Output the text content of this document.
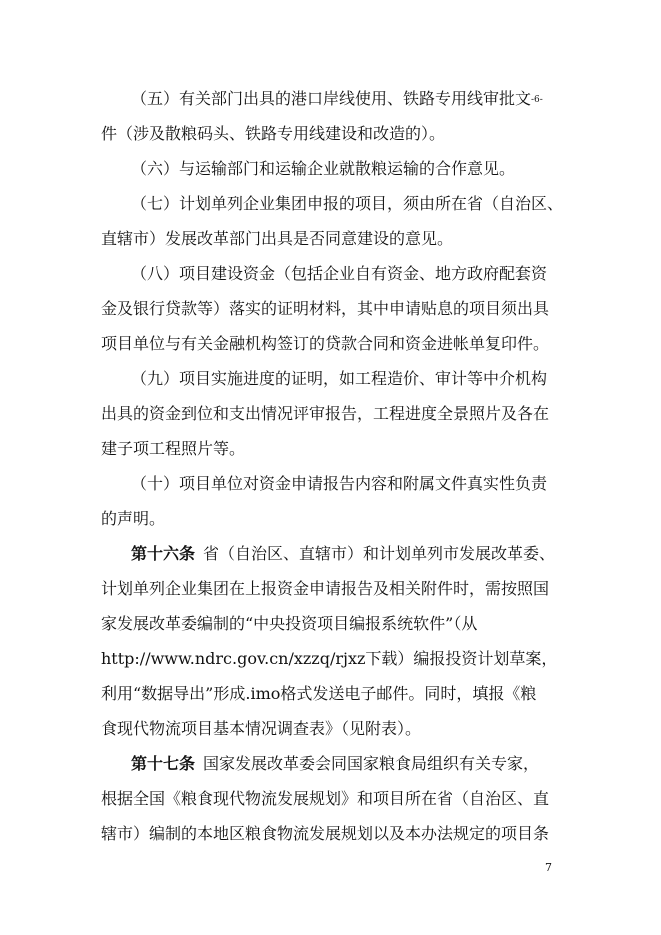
（五）有关部门出具的港口岸线使用、铁路专用线审批文-6-
件（涉及散粮码头、铁路专用线建设和改造的）。
（六）与运输部门和运输企业就散粮运输的合作意见。
（七）计划单列企业集团申报的项目，须由所在省（自治区、
直辖市）发展改革部门出具是否同意建设的意见。
（八）项目建设资金（包括企业自有资金、地方政府配套资
金及银行贷款等）落实的证明材料，其中申请贴息的项目须出具
项目单位与有关金融机构签订的贷款合同和资金进帐单复印件。
（九）项目实施进度的证明，如工程造价、审计等中介机构
出具的资金到位和支出情况评审报告，工程进度全景照片及各在
建子项工程照片等。
（十）项目单位对资金申请报告内容和附属文件真实性负责
的声明。
第十六条 省（自治区、直辖市）和计划单列市发展改革委、
计划单列企业集团在上报资金申请报告及相关附件时，需按照国
家发展改革委编制的“中央投资项目编报系统软件”（从
http://www.ndrc.gov.cn/xzzq/rjxz下载）编报投资计划草案，
利用“数据导出”形成.imo格式发送电子邮件。同时，填报《粮
食现代物流项目基本情况调查表》（见附表）。
第十七条 国家发展改革委会同国家粮食局组织有关专家，
根据全国《粮食现代物流发展规划》和项目所在省（自治区、直
辖市）编制的本地区粮食物流发展规划以及本办法规定的项目条
7
